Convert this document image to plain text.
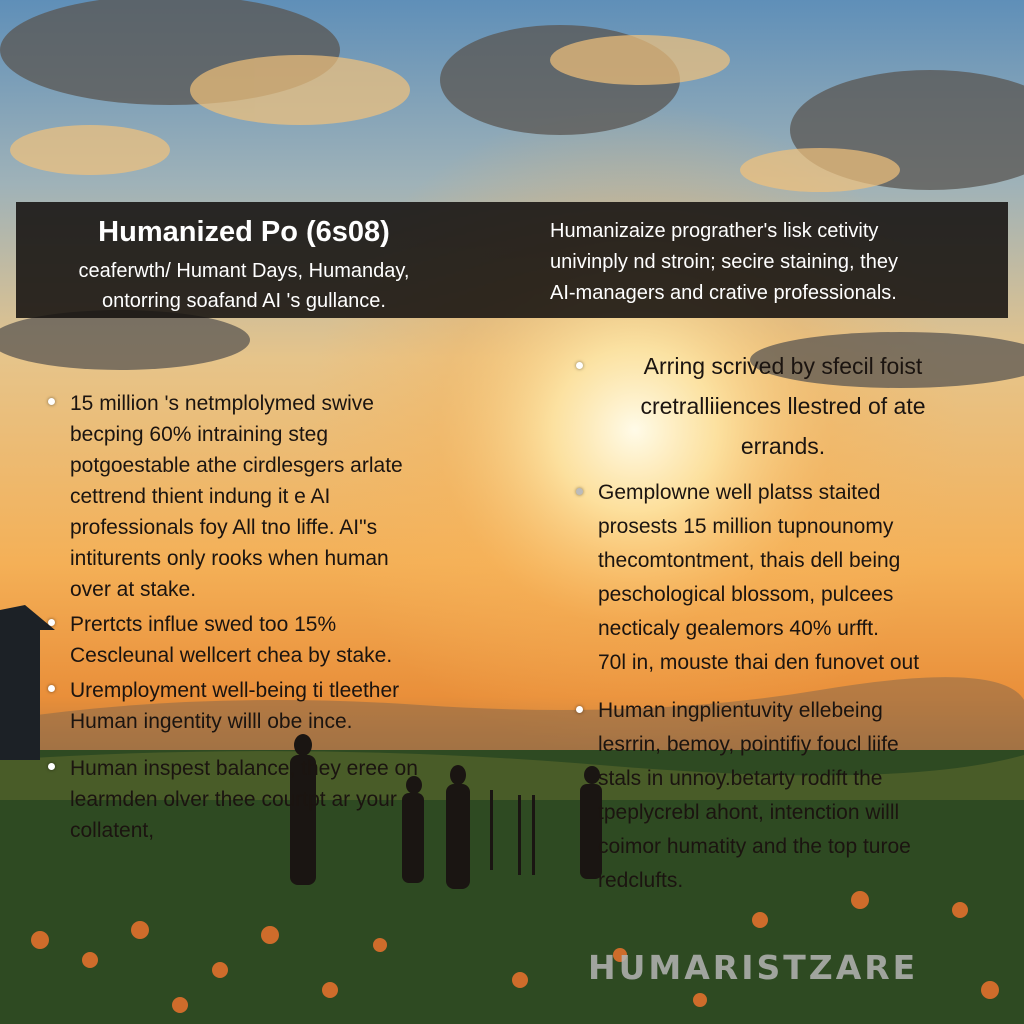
Humanized Po (6s08)

ceaferwth/ Humant Days, Humanday,

ontorring soafand AI 's gullance.

Humanizaize prograther's lisk cetivity

univinply nd stroin; secire staining, they

AI-managers and crative professionals.

15 million 's netmplolymed swive

becping 60% intraining steg

potgoestable athe cirdlesgers arlate

cettrend thient indung it e AI

professionals foy All tno liffe. AI"s

intiturents only rooks when human

over at stake.

Prertcts influe swed too 15%

Cescleunal wellcert chea by stake.

Uremployment well-being ti tleether

Human ingentity willl obe ince.

Human inspest balance, they eree on

learmden olver thee courtpt ar your

collatent,

Arring scrived by sfecil foist

cretralliiences llestred of ate

errands.

Gemplowne well platss staited

prosests 15 million tupnounomy

thecomtontment, thais dell being

peschological blossom, pulcees

necticaly gealemors 40% urfft.

70l in, mouste thai den funovet out

Human ingplientuvity ellebeing

lesrrin, bemoy, pointifiy foucl liife

stals in unnoy.betarty rodift the

tpeplycrebl ahont, intenction willl

coimor humatity and the top turoe

redclufts.

HUMARISTZARE
